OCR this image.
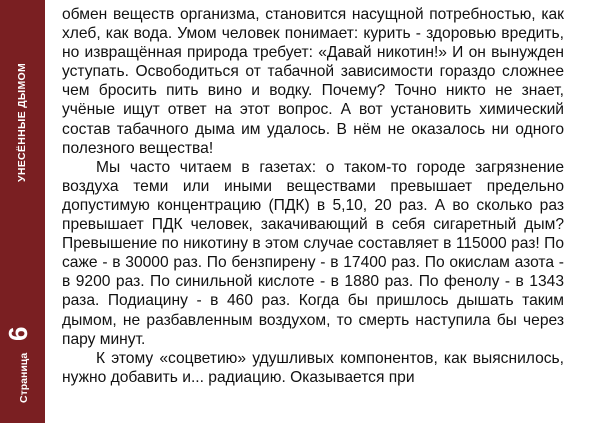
Страница
6
УНЕСЁННЫЕ ДЫМОМ

обмен веществ организма, становится насущной потребностью, как хлеб, как вода. Умом человек понимает: курить - здоровью вредить, но извращённая природа требует: «Давай никотин!» И он вынужден уступать. Освободиться от табачной зависимости гораздо сложнее чем бросить пить вино и водку. Почему? Точно никто не знает, учёные ищут ответ на этот вопрос. А вот установить химический состав табачного дыма им удалось. В нём не оказалось ни одного полезного вещества!

Мы часто читаем в газетах: о таком-то городе загрязнение воздуха теми или иными веществами превышает предельно допустимую концентрацию (ПДК) в 5,10, 20 раз. А во сколько раз превышает ПДК человек, закачивающий в себя сигаретный дым? Превышение по никотину в этом случае составляет в 115000 раз! По саже - в 30000 раз. По бензпирену - в 17400 раз. По окислам азота - в 9200 раз. По синильной кислоте - в 1880 раз. По фенолу - в 1343 раза. Подиацину - в 460 раз. Когда бы пришлось дышать таким дымом, не разбавленным воздухом, то смерть наступила бы через пару минут.

К этому «соцветию» удушливых компонентов, как выяснилось, нужно добавить и... радиацию. Оказывается при
